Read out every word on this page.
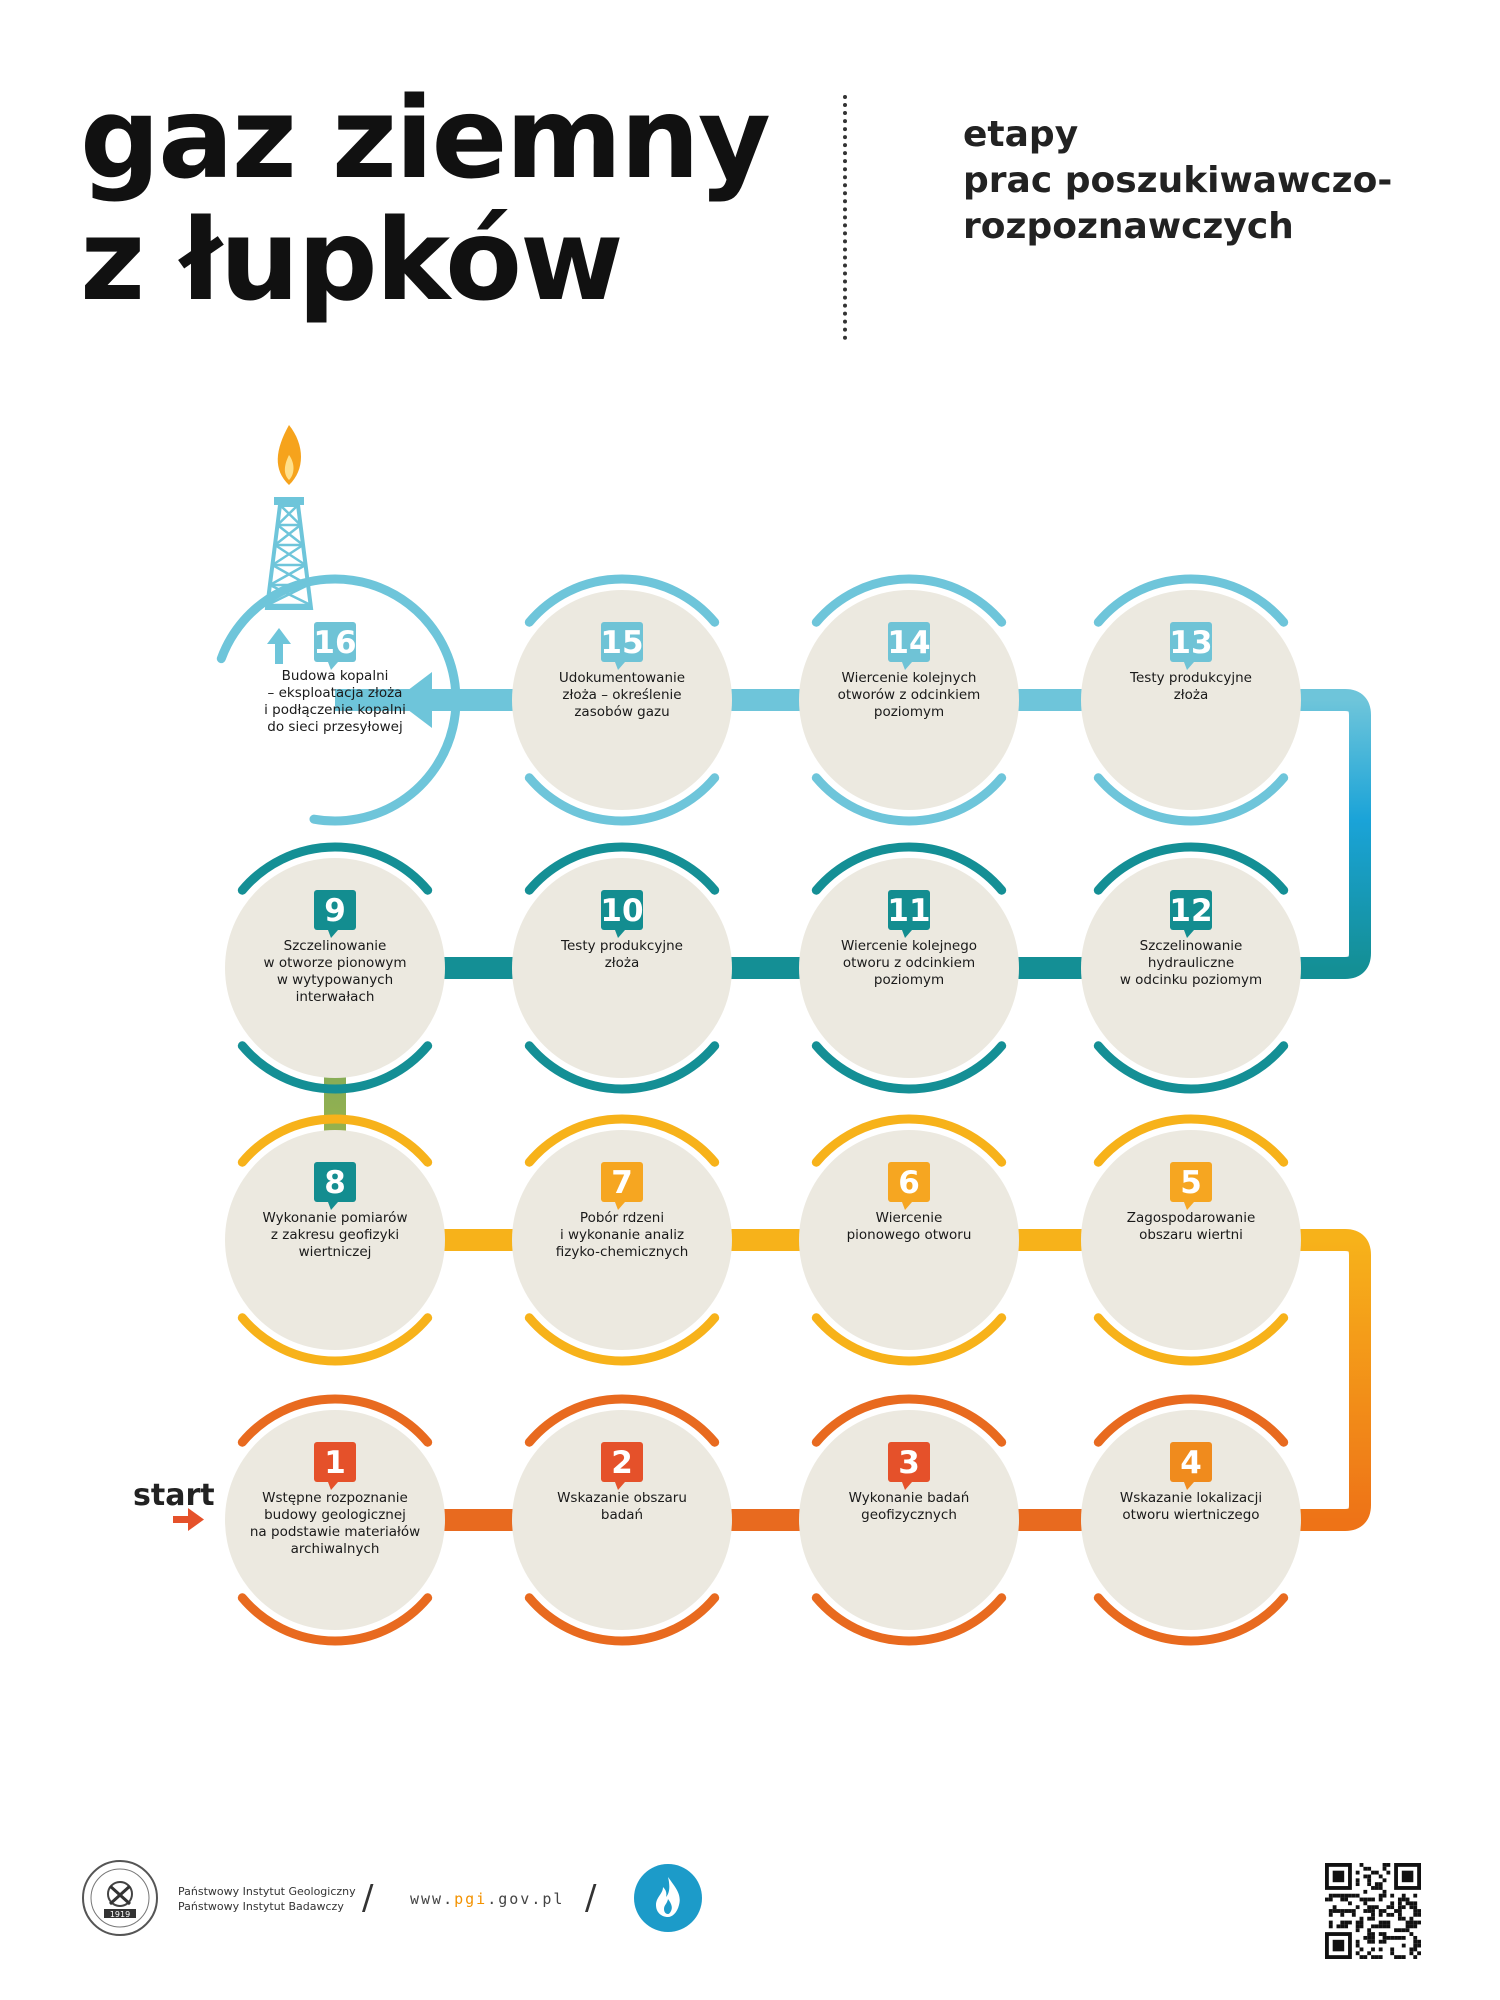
gaz ziemny
z łupków
etapy
prac poszukiwawczo-
rozpoznawczych
1
Wstępne rozpoznanie
budowy geologicznej
na podstawie materiałów
archiwalnych
2
Wskazanie obszaru
badań
3
Wykonanie badań
geofizycznych
4
Wskazanie lokalizacji
otworu wiertniczego
5
Zagospodarowanie
obszaru wiertni
6
Wiercenie
pionowego otworu
7
Pobór rdzeni
i wykonanie analiz
fizyko-chemicznych
8
Wykonanie pomiarów
z zakresu geofizyki
wiertniczej
9
Szczelinowanie
w otworze pionowym
w wytypowanych
interwałach
10
Testy produkcyjne
złoża
11
Wiercenie kolejnego
otworu z odcinkiem
poziomym
12
Szczelinowanie
hydrauliczne
w odcinku poziomym
13
Testy produkcyjne
złoża
14
Wiercenie kolejnych
otworów z odcinkiem
poziomym
15
Udokumentowanie
złoża – określenie
zasobów gazu
16
Budowa kopalni
– eksploatacja złoża
i podłączenie kopalni
do sieci przesyłowej
start
1919
Państwowy Instytut Geologiczny
Państwowy Instytut Badawczy / www.pgi.gov.pl /
